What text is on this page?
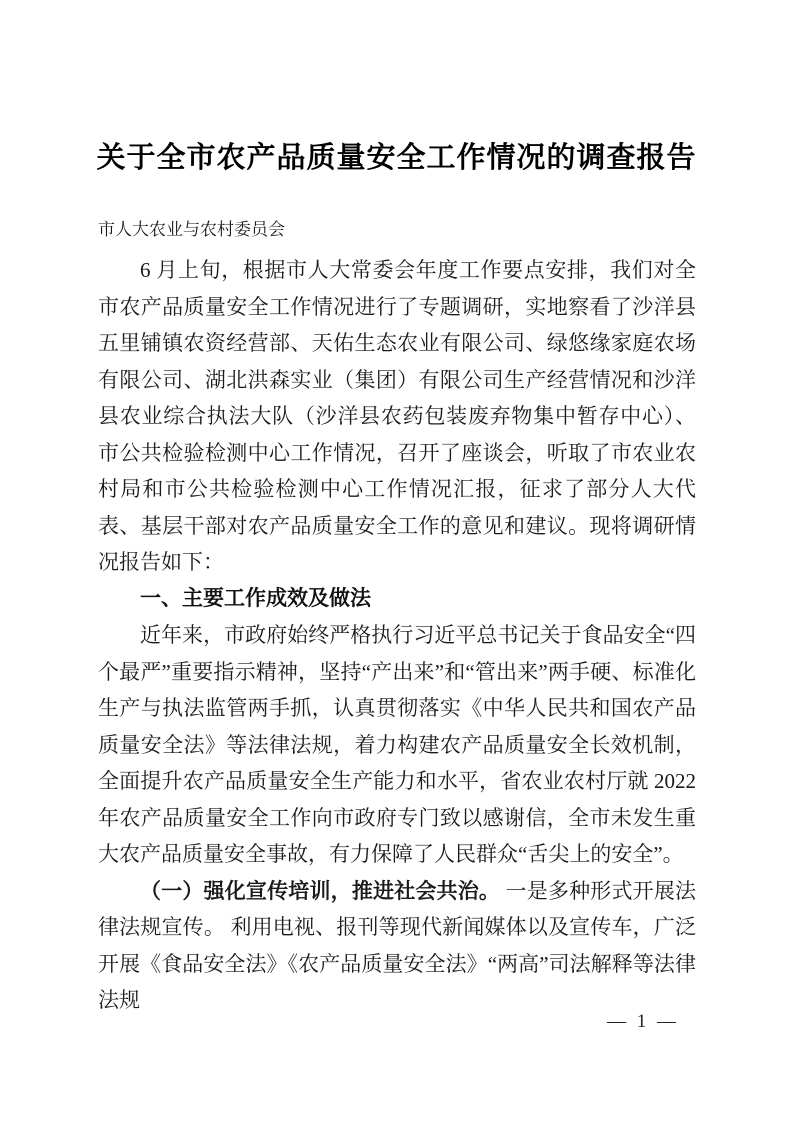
关于全市农产品质量安全工作情况的调查报告
市人大农业与农村委员会

6 月上旬，根据市人大常委会年度工作要点安排，我们对全市农产品质量安全工作情况进行了专题调研，实地察看了沙洋县五里铺镇农资经营部、天佑生态农业有限公司、绿悠缘家庭农场有限公司、湖北洪森实业（集团）有限公司生产经营情况和沙洋县农业综合执法大队（沙洋县农药包装废弃物集中暂存中心）、市公共检验检测中心工作情况，召开了座谈会，听取了市农业农村局和市公共检验检测中心工作情况汇报，征求了部分人大代表、基层干部对农产品质量安全工作的意见和建议。现将调研情况报告如下：

一、主要工作成效及做法

近年来，市政府始终严格执行习近平总书记关于食品安全“四个最严”重要指示精神，坚持“产出来”和“管出来”两手硬、标准化生产与执法监管两手抓，认真贯彻落实《中华人民共和国农产品质量安全法》等法律法规，着力构建农产品质量安全长效机制，全面提升农产品质量安全生产能力和水平，省农业农村厅就 2022 年农产品质量安全工作向市政府专门致以感谢信，全市未发生重大农产品质量安全事故，有力保障了人民群众“舌尖上的安全”。

（一）强化宣传培训，推进社会共治。 一是多种形式开展法律法规宣传。 利用电视、报刊等现代新闻媒体以及宣传车，广泛开展《食品安全法》《农产品质量安全法》“两高”司法解释等法律法规

— 1 —
